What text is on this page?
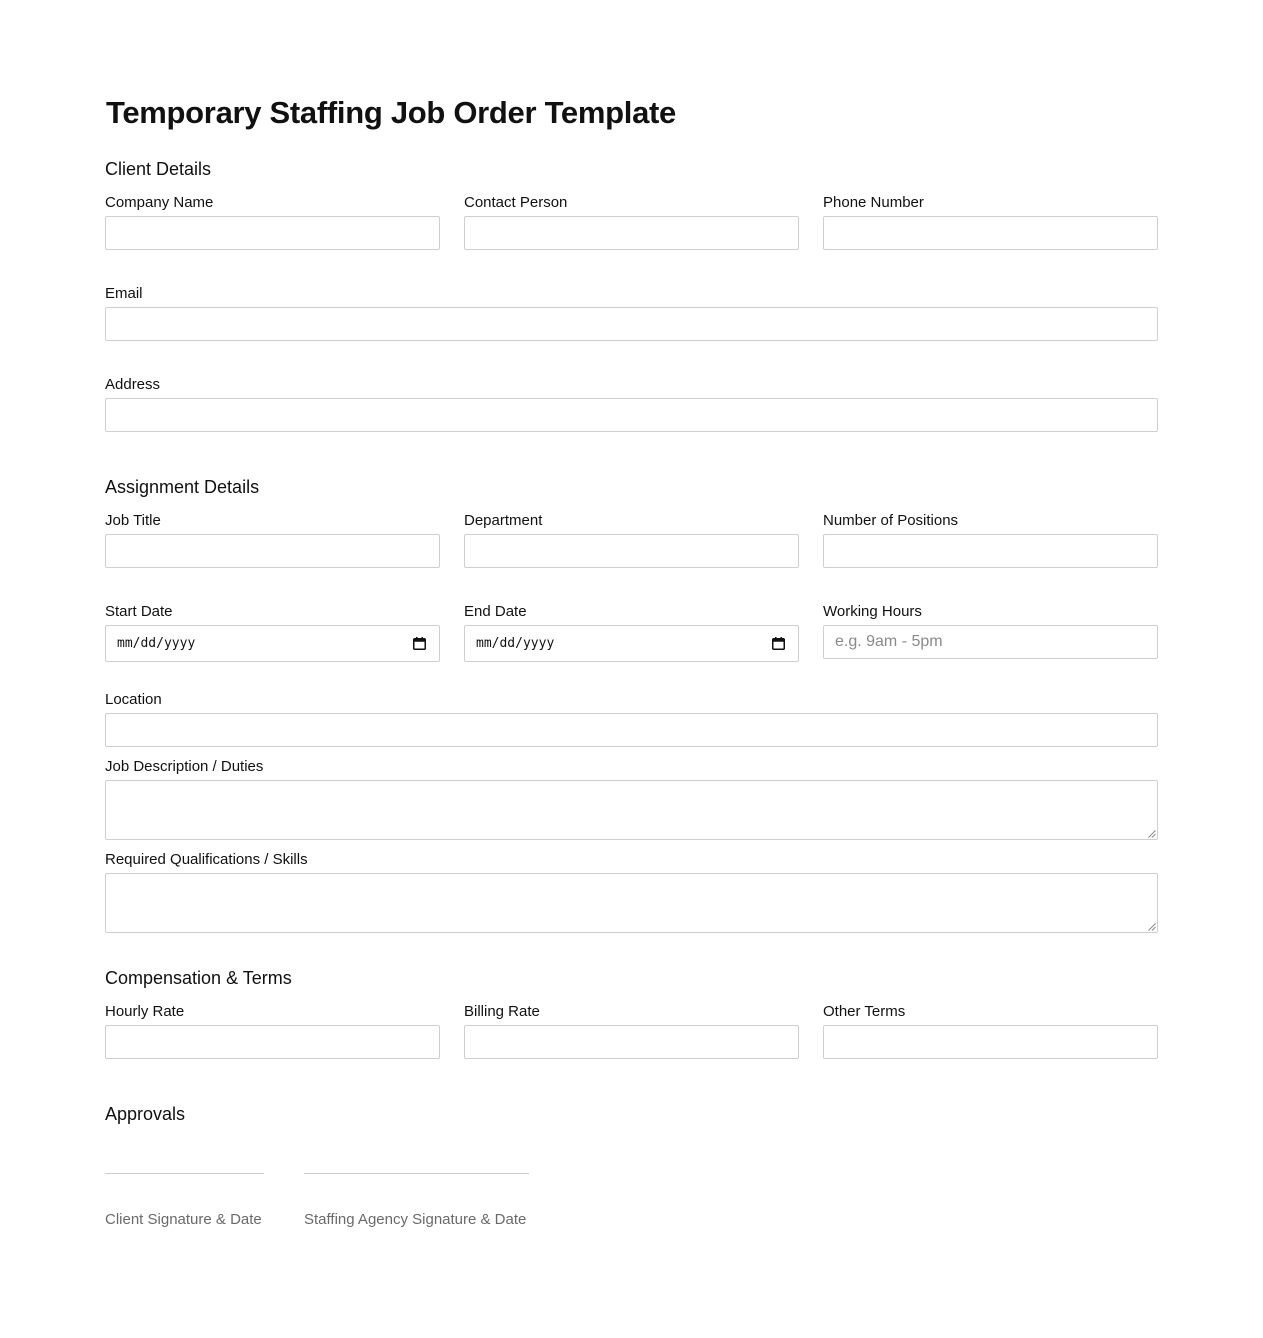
Temporary Staffing Job Order Template
Client Details
Company Name	Contact Person	Phone Number
Email
Address
Assignment Details
Job Title	Department	Number of Positions
Start Date
mm/dd/yyyy
End Date
mm/dd/yyyy
Working Hours
e.g. 9am - 5pm
Location
Job Description / Duties
Required Qualifications / Skills
Compensation & Terms
Hourly Rate	Billing Rate	Other Terms
Approvals
Client Signature & Date	Staffing Agency Signature & Date
